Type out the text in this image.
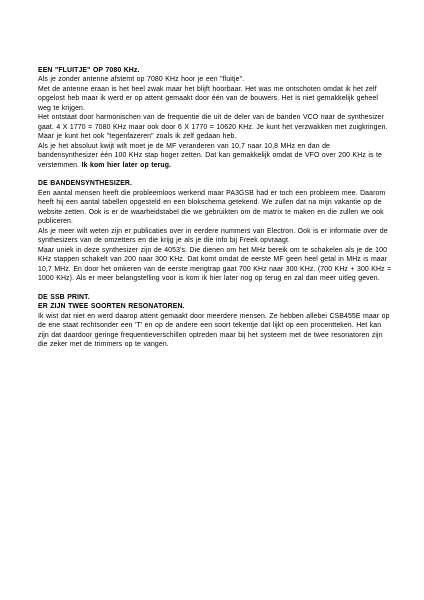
EEN "FLUITJE" OP 7080 KHz.

Als je zonder antenne afstemt op 7080 KHz hoor je een "fluitje".

Met de antenne eraan is het heel zwak maar het blijft hoorbaar. Het was me ontschoten omdat ik het zelf opgelost heb maar ik werd er op attent gemaakt door één van de bouwers. Het is niet gemakkelijk geheel weg te krijgen.

Het ontstaat door harmonischen van de frequentie die uit de deler van de banden VCO naar de synthesizer gaat. 4 X 1770 = 7080 KHz maar ook door 6 X 1770 = 10620 KHz. Je kunt het verzwakken met zuigkringen. Maar je kunt het ook "tegenfazeren" zoals ik zelf gedaan heb.

Als je het absoluut kwijt wilt moet je de MF veranderen van 10,7 naar 10,8 MHz en dan de bandensynthesizer één 100 KHz stap hoger zetten. Dat kan gemakkelijk omdat de VFO over 200 KHz is te verstemmen. Ik kom hier later op terug.

DE BANDENSYNTHESIZER.

Een aantal mensen heeft die probleemloos werkend maar PA3GSB had er toch een probleem mee. Daarom heeft hij een aantal tabellen opgesteld en een blokschema getekend. We zullen dat na mijn vakantie op de website zetten. Ook is er de waarheidstabel die we gebruikten om de matrix te maken en die zullen we ook publiceren.

Als je meer wilt weten zijn er publicaties over in eerdere nummers van Electron. Ook is er informatie over de synthesizers van de omzetters en die krijg je als je die info bij Freek opvraagt.

Maar uniek in deze synthesizer zijn de 4053's. Die dienen om het MHz bereik om te schakelen als je de 100 KHz stappen schakelt van 200 naar 300 KHz. Dat komt omdat de eerste MF geen heel getal in MHz is maar 10,7 MHz. En door het omkeren van de eerste mengtrap gaat 700 KHz naar 300 KHz. (700 KHz + 300 KHz = 1000 KHz). Als er meer belangstelling voor is kom ik hier later nog op terug en zal dan meer uitleg geven.

DE SSB PRINT.

ER ZIJN TWEE SOORTEN RESONATOREN.

Ik wist dat niet en werd daarop attent gemaakt door meerdere mensen. Ze hebben allebei CSB455E maar op de ene staat rechtsonder een 'T' en op de andere een soort tekentje dat lijkt op een procentteken. Het kan zijn dat daardoor geringe frequentieverschillen optreden maar bij het systeem met de twee resonatoren zijn die zeker met de trimmers op te vangen.
